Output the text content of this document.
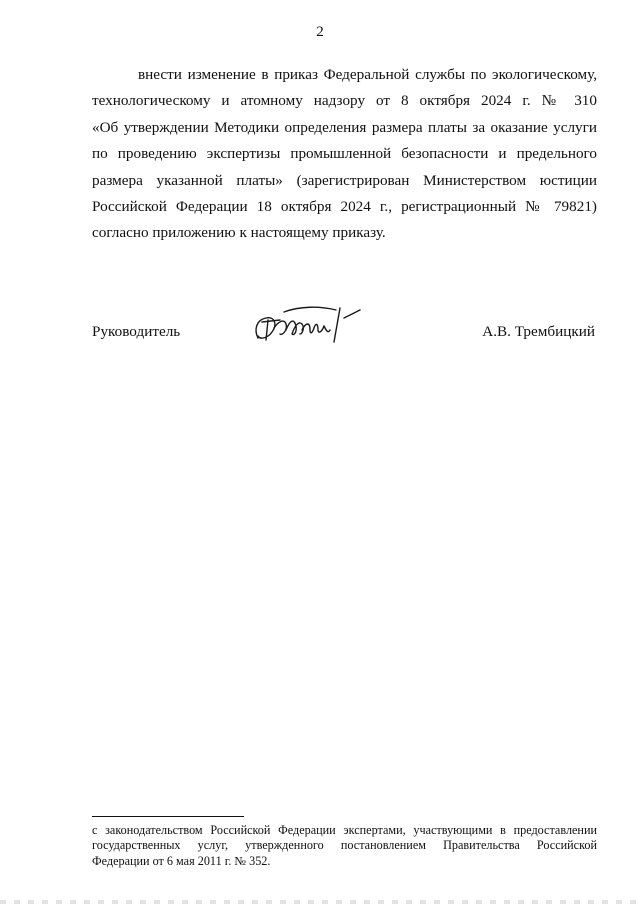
2
внести изменение в приказ Федеральной службы по экологическому,
технологическому и атомному надзору от 8 октября 2024 г. № 310
«Об утверждении Методики определения размера платы за оказание услуги
по проведению экспертизы промышленной безопасности и предельного
размера указанной платы» (зарегистрирован Министерством юстиции
Российской Федерации 18 октября 2024 г., регистрационный № 79821)
согласно приложению к настоящему приказу.
Руководитель	А.В. Трембицкий
с законодательством Российской Федерации экспертами, участвующими в предоставлении
государственных услуг, утвержденного постановлением Правительства Российской
Федерации от 6 мая 2011 г. № 352.
